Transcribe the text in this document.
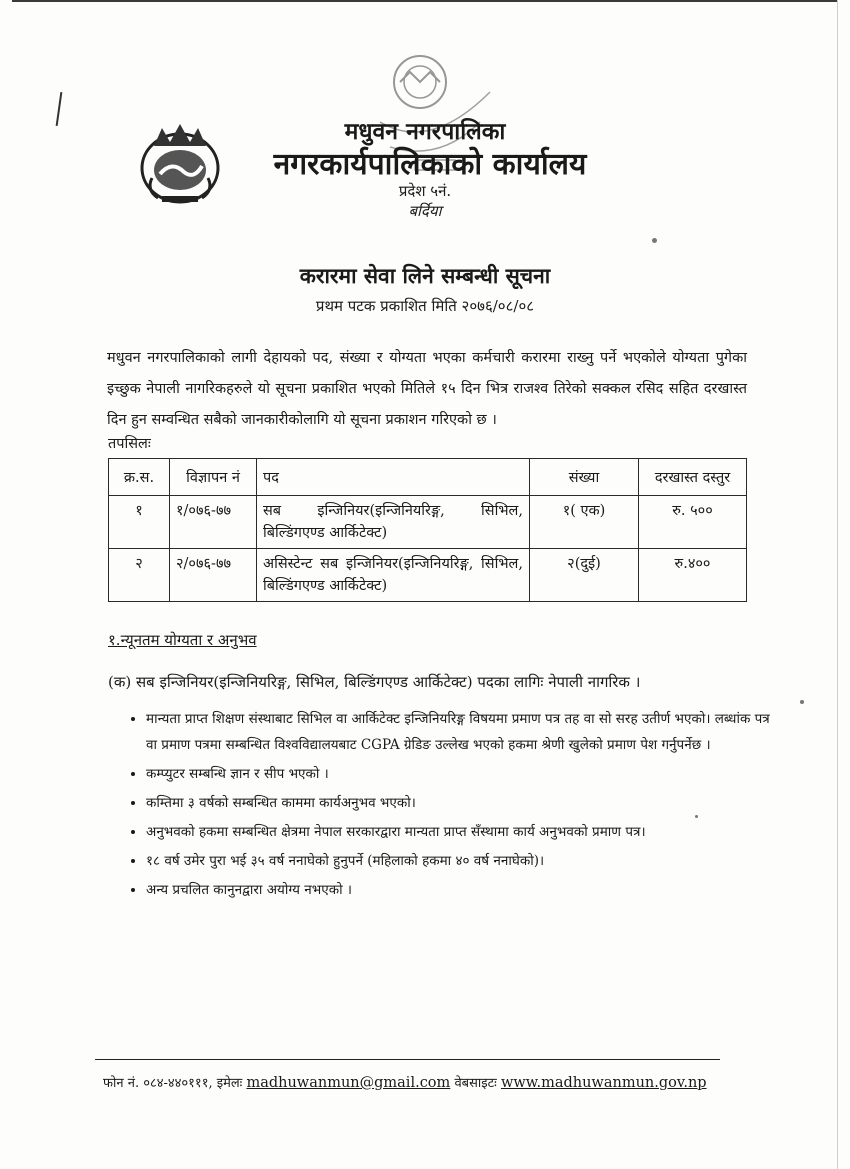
मधुवन नगरपालिका
नगरकार्यपालिकाको कार्यालय
प्रदेश ५नं.
बर्दिया
करारमा सेवा लिने सम्बन्धी सूचना
प्रथम पटक प्रकाशित मिति २०७६/०८/०८
मधुवन नगरपालिकाको लागी देहायको पद, संख्या र योग्यता भएका कर्मचारी करारमा राख्नु पर्ने भएकोले योग्यता पुगेका इच्छुक नेपाली नागरिकहरुले यो सूचना प्रकाशित भएको मितिले १५ दिन भित्र राजश्व तिरेको सक्कल रसिद सहित दरखास्त दिन हुन सम्वन्धित सबैको जानकारीकोलागि यो सूचना प्रकाशन गरिएको छ ।
तपसिलः
क्र.स.	विज्ञापन नं	पद	संख्या	दरखास्त दस्तुर
१	१/०७६-७७	सब इन्जिनियर(इन्जिनियरिङ्ग, सिभिल, बिल्डिंगएण्ड आर्किटेक्ट)	१( एक)	रु. ५००
२	२/०७६-७७	असिस्टेन्ट सब इन्जिनियर(इन्जिनियरिङ्ग, सिभिल, बिल्डिंगएण्ड आर्किटेक्ट)	२(दुई)	रु.४००
१.न्यूनतम योग्यता र अनुभव
(क) सब इन्जिनियर(इन्जिनियरिङ्ग, सिभिल, बिल्डिंगएण्ड आर्किटेक्ट) पदका लागिः नेपाली नागरिक ।
• मान्यता प्राप्त शिक्षण संस्थाबाट सिभिल वा आर्किटेक्ट इन्जिनियरिङ्ग विषयमा प्रमाण पत्र तह वा सो सरह उतीर्ण भएको। लब्धांक पत्र वा प्रमाण पत्रमा सम्बन्धित विश्वविद्यालयबाट CGPA ग्रेडिङ उल्लेख भएको हकमा श्रेणी खुलेको प्रमाण पेश गर्नुपर्नेछ ।
• कम्प्युटर सम्बन्धि ज्ञान र सीप भएको ।
• कम्तिमा ३ वर्षको सम्बन्धित काममा कार्यअनुभव भएको।
• अनुभवको हकमा सम्बन्धित क्षेत्रमा नेपाल सरकारद्वारा मान्यता प्राप्त सँस्थामा कार्य अनुभवको प्रमाण पत्र।
• १८ वर्ष उमेर पुरा भई ३५ वर्ष ननाघेको हुनुपर्ने (महिलाको हकमा ४० वर्ष ननाघेको)।
• अन्य प्रचलित कानुनद्वारा अयोग्य नभएको ।
फोन नं. ०८४-४४०१११, इमेलः madhuwanmun@gmail.com वेबसाइटः www.madhuwanmun.gov.np
